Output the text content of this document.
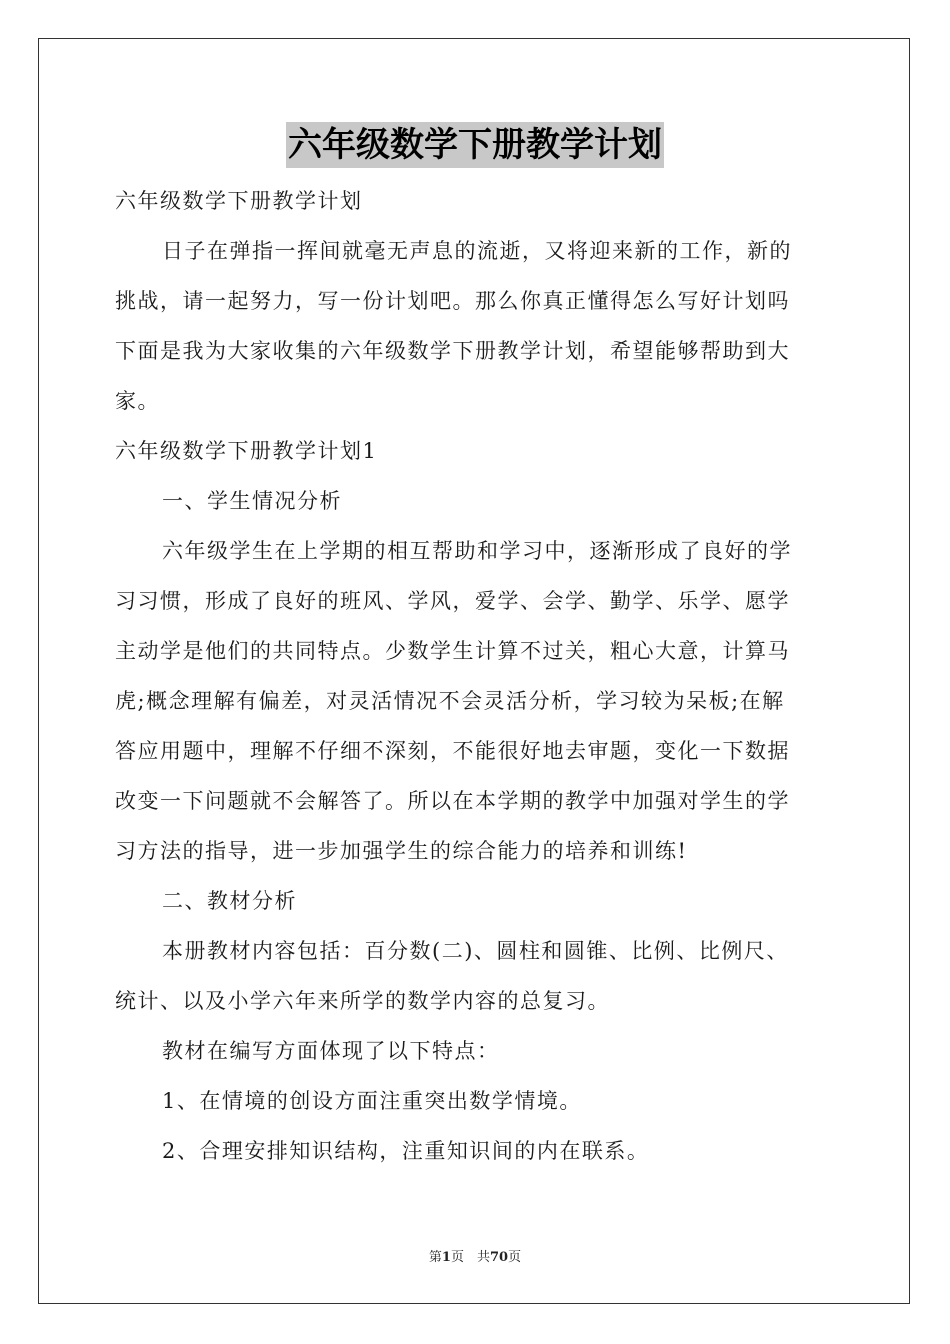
六年级数学下册教学计划

六年级数学下册教学计划

日子在弹指一挥间就毫无声息的流逝，又将迎来新的工作，新的

挑战，请一起努力，写一份计划吧。那么你真正懂得怎么写好计划吗

下面是我为大家收集的六年级数学下册教学计划，希望能够帮助到大

家。

六年级数学下册教学计划1

一、学生情况分析

六年级学生在上学期的相互帮助和学习中，逐渐形成了良好的学

习习惯，形成了良好的班风、学风，爱学、会学、勤学、乐学、愿学

主动学是他们的共同特点。少数学生计算不过关，粗心大意，计算马

虎;概念理解有偏差，对灵活情况不会灵活分析，学习较为呆板;在解

答应用题中，理解不仔细不深刻，不能很好地去审题，变化一下数据

改变一下问题就不会解答了。所以在本学期的教学中加强对学生的学

习方法的指导，进一步加强学生的综合能力的培养和训练!

二、教材分析

本册教材内容包括：百分数(二)、圆柱和圆锥、比例、比例尺、

统计、以及小学六年来所学的数学内容的总复习。

教材在编写方面体现了以下特点：

1、在情境的创设方面注重突出数学情境。

2、合理安排知识结构，注重知识间的内在联系。

第1页　共70页
